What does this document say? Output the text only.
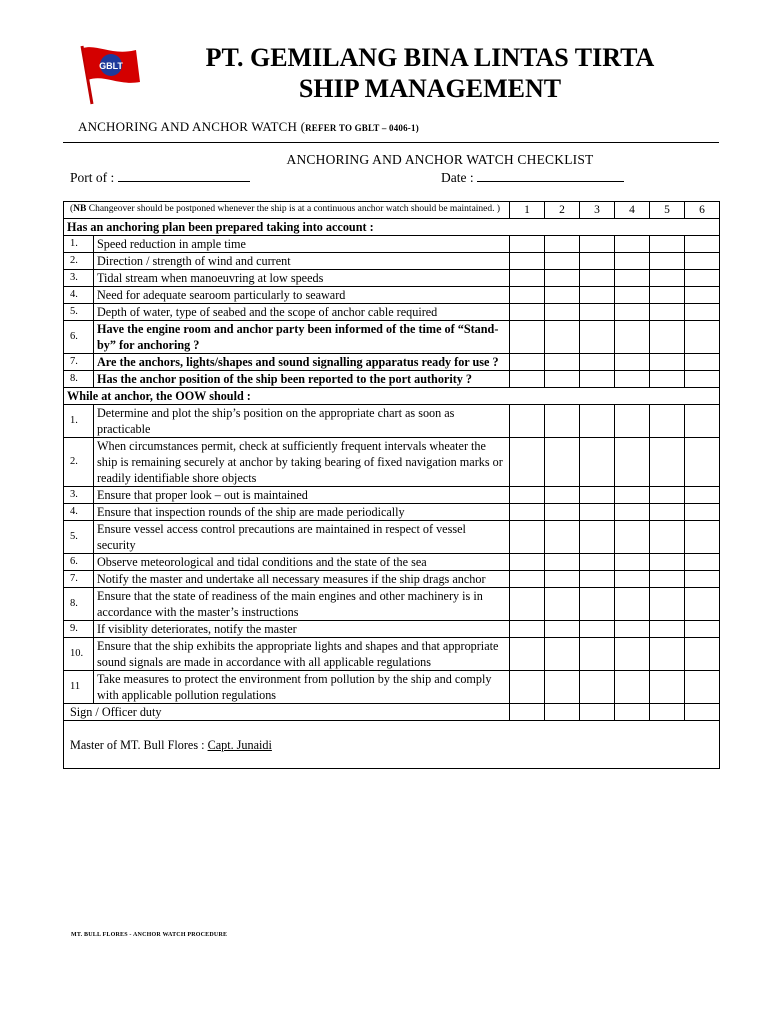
GBLT	PT. GEMILANG BINA LINTAS TIRTA
SHIP MANAGEMENT
ANCHORING AND ANCHOR WATCH (REFER TO GBLT – 0406-1)
ANCHORING AND ANCHOR WATCH CHECKLIST
Port of :	Date :
(NB Changeover should be postponed whenever the ship is at a continuous anchor watch should be maintained. )		1	2	3	4	5	6
Has an anchoring plan been prepared taking into account :							
1.	Speed reduction in ample time						
2.	Direction / strength of wind and current						
3.	Tidal stream when manoeuvring at low speeds						
4.	Need for adequate searoom particularly to seaward						
5.	Depth of water, type of seabed and the scope of anchor cable required						
6.	Have the engine room and anchor party been informed of the time of “Stand-by” for anchoring ?						
7.	Are the anchors, lights/shapes and sound signalling apparatus ready for use ?						
8.	Has the anchor position of the ship been reported to the port authority ?						
While at anchor, the OOW should :							
1.	Determine and plot the ship’s position on the appropriate chart as soon as practicable						
2.	When circumstances permit, check at sufficiently frequent intervals wheater the ship is remaining securely at anchor by taking bearing of fixed navigation marks or readily identifiable shore objects						
3.	Ensure that proper look – out is maintained						
4.	Ensure that inspection rounds of the ship are made periodically						
5.	Ensure vessel access control precautions are maintained in respect of vessel security						
6.	Observe meteorological and tidal conditions and the state of the sea						
7.	Notify the master and undertake all necessary measures if the ship drags anchor						
8.	Ensure that the state of readiness of the main engines and other machinery is in accordance with the master’s instructions						
9.	If visiblity deteriorates, notify the master						
10.	Ensure that the ship exhibits the appropriate lights and shapes and that appropriate sound signals are made in accordance with all applicable regulations						
11	Take measures to protect the environment from pollution by the ship and comply with applicable pollution regulations						
Sign / Officer duty							
Master of MT. Bull Flores : Capt. Junaidi							
MT. BULL FLORES - ANCHOR WATCH PROCEDURE
